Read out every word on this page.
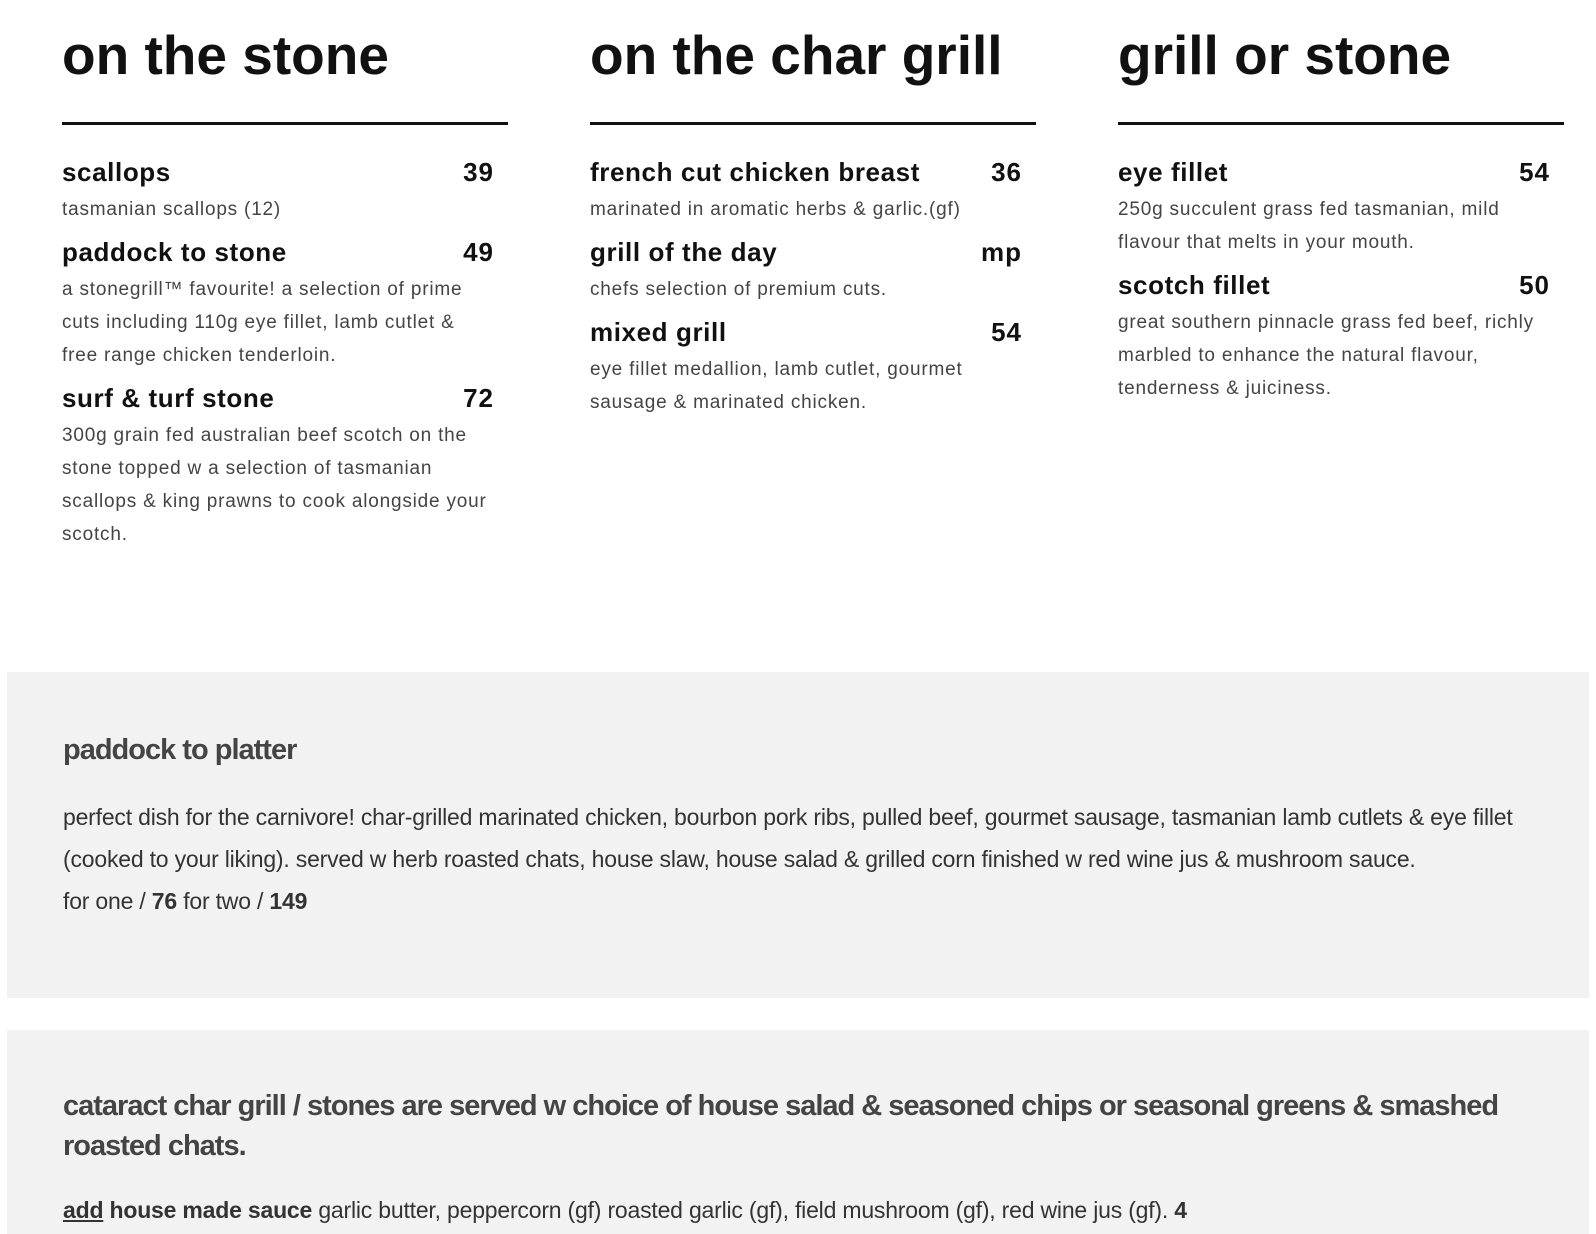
on the stone
scallops	39
tasmanian scallops (12)
paddock to stone	49
a stonegrill™ favourite! a selection of prime cuts including 110g eye fillet, lamb cutlet & free range chicken tenderloin.
surf & turf stone	72
300g grain fed australian beef scotch on the stone topped w a selection of tasmanian scallops & king prawns to cook alongside your scotch.
on the char grill
french cut chicken breast	36
marinated in aromatic herbs & garlic.(gf)
grill of the day	mp
chefs selection of premium cuts.
mixed grill	54
eye fillet medallion, lamb cutlet, gourmet sausage & marinated chicken.
grill or stone
eye fillet	54
250g succulent grass fed tasmanian, mild flavour that melts in your mouth.
scotch fillet	50
great southern pinnacle grass fed beef, richly marbled to enhance the natural flavour, tenderness & juiciness.
paddock to platter
perfect dish for the carnivore! char-grilled marinated chicken, bourbon pork ribs, pulled beef, gourmet sausage, tasmanian lamb cutlets & eye fillet (cooked to your liking). served w herb roasted chats, house slaw, house salad & grilled corn finished w red wine jus & mushroom sauce.
for one / 76 for two / 149
cataract char grill / stones are served w choice of house salad & seasoned chips or seasonal greens & smashed roasted chats.
add house made sauce garlic butter, peppercorn (gf) roasted garlic (gf), field mushroom (gf), red wine jus (gf). 4
